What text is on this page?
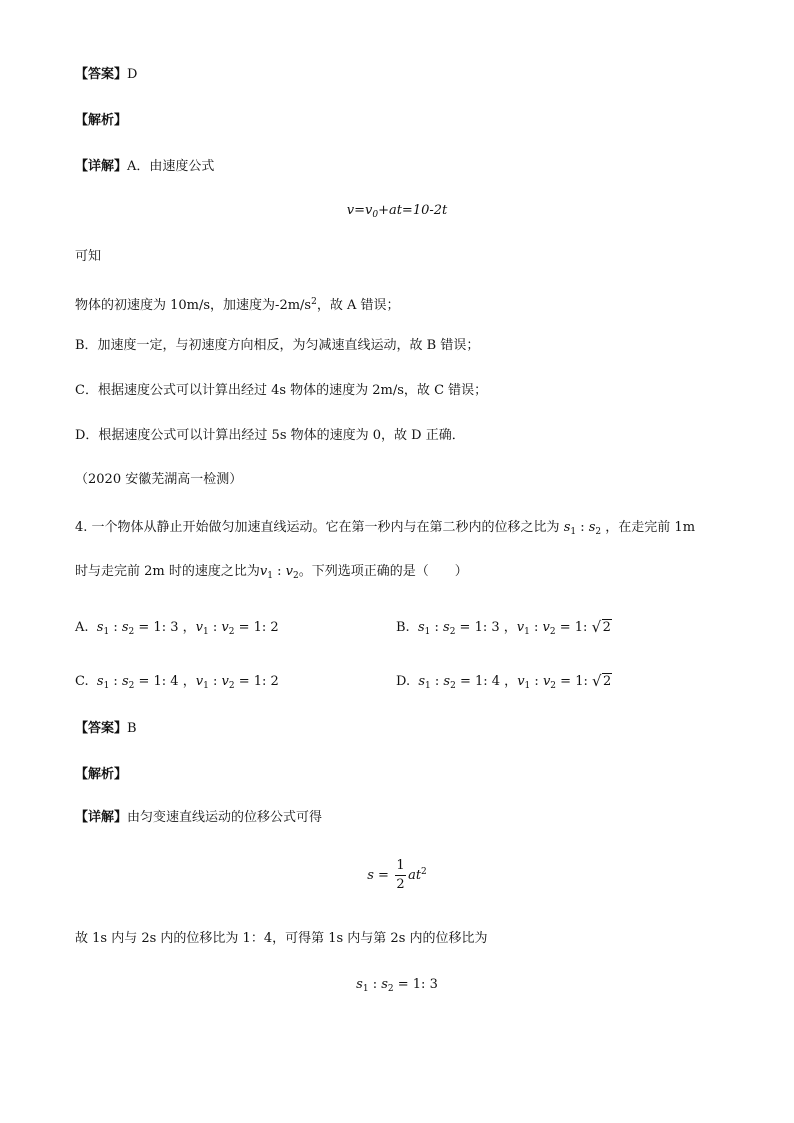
【答案】D
【解析】
【详解】A．由速度公式
$v=v_0+at=10-2t$
可知
物体的初速度为 10m/s，加速度为$-2m/s^2$，故 A 错误；
B．加速度一定，与初速度方向相反，为匀减速直线运动，故 B 错误；
C．根据速度公式可以计算出经过 4s 物体的速度为 2m/s，故 C 错误；
D．根据速度公式可以计算出经过 5s 物体的速度为 0，故 D 正确．
（2020 安徽芜湖高一检测）
4. 一个物体从静止开始做匀加速直线运动。它在第一秒内与在第二秒内的位移之比为 $s_1$ : $s_2$ ，在走完前 1m
时与走完前 2m 时的速度之比为$v_1$ : $v_2$。下列选项正确的是（　　）
A. $s_1$ : $s_2 = 1$: 3 ，$v_1$ : $v_2 = 1$: 2	B. $s_1$ : $s_2 = 1$: 3 ，$v_1$ : $v_2 = 1$: √ 2
C. $s_1$ : $s_2 = 1$: 4 ，$v_1$ : $v_2 = 1$: 2	D. $s_1$ : $s_2 = 1$: 4 ，$v_1$ : $v_2 = 1$: √ 2
【答案】B
【解析】
【详解】由匀变速直线运动的位移公式可得
$s = \frac{1}{2} at^2$
故 1s 内与 2s 内的位移比为 1：4，可得第 1s 内与第 2s 内的位移比为
$s_1$ : $s_2 = 1$: 3
